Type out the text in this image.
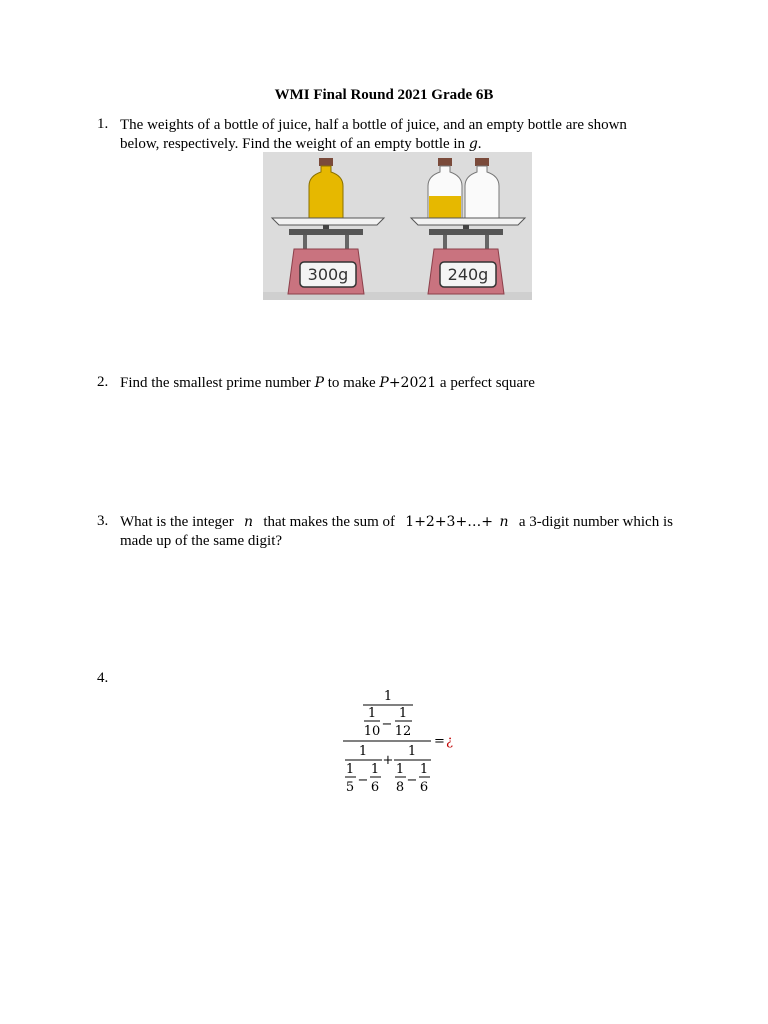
WMI Final Round 2021 Grade 6B
1. The weights of a bottle of juice, half a bottle of juice, and an empty bottle are shown
below, respectively. Find the weight of an empty bottle in g.
300g	240g
2. Find the smallest prime number P to make P+2021 a perfect square
3. What is the integer n that makes the sum of 1+2+3+…+ n a 3-digit number which is
made up of the same digit?
4.
1
1
10 −
1
12
= ¿
1
+
1
1
5 −
1
6
1
8 −
1
6
